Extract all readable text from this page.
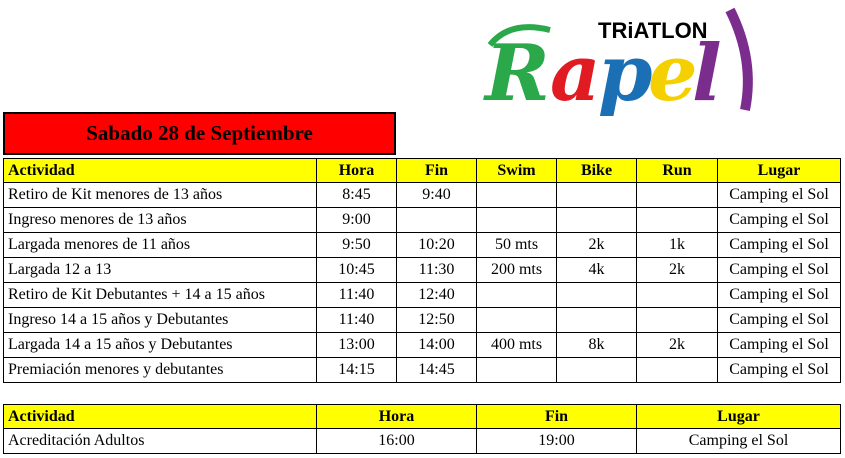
TRiATLON
R a
p
e
l
Sabado 28 de Septiembre
Actividad	Hora	Fin	Swim	Bike	Run	Lugar
Retiro de Kit menores de 13 años	8:45	9:40				Camping el Sol
Ingreso menores de 13 años	9:00					Camping el Sol
Largada menores de 11 años	9:50	10:20	50 mts	2k	1k	Camping el Sol
Largada 12 a 13	10:45	11:30	200 mts	4k	2k	Camping el Sol
Retiro de Kit Debutantes + 14 a 15 años	11:40	12:40				Camping el Sol
Ingreso 14 a 15 años y Debutantes	11:40	12:50				Camping el Sol
Largada 14 a 15 años y Debutantes	13:00	14:00	400 mts	8k	2k	Camping el Sol
Premiación menores y debutantes	14:15	14:45				Camping el Sol
Actividad	Hora	Fin	Lugar
Acreditación Adultos	16:00	19:00	Camping el Sol
